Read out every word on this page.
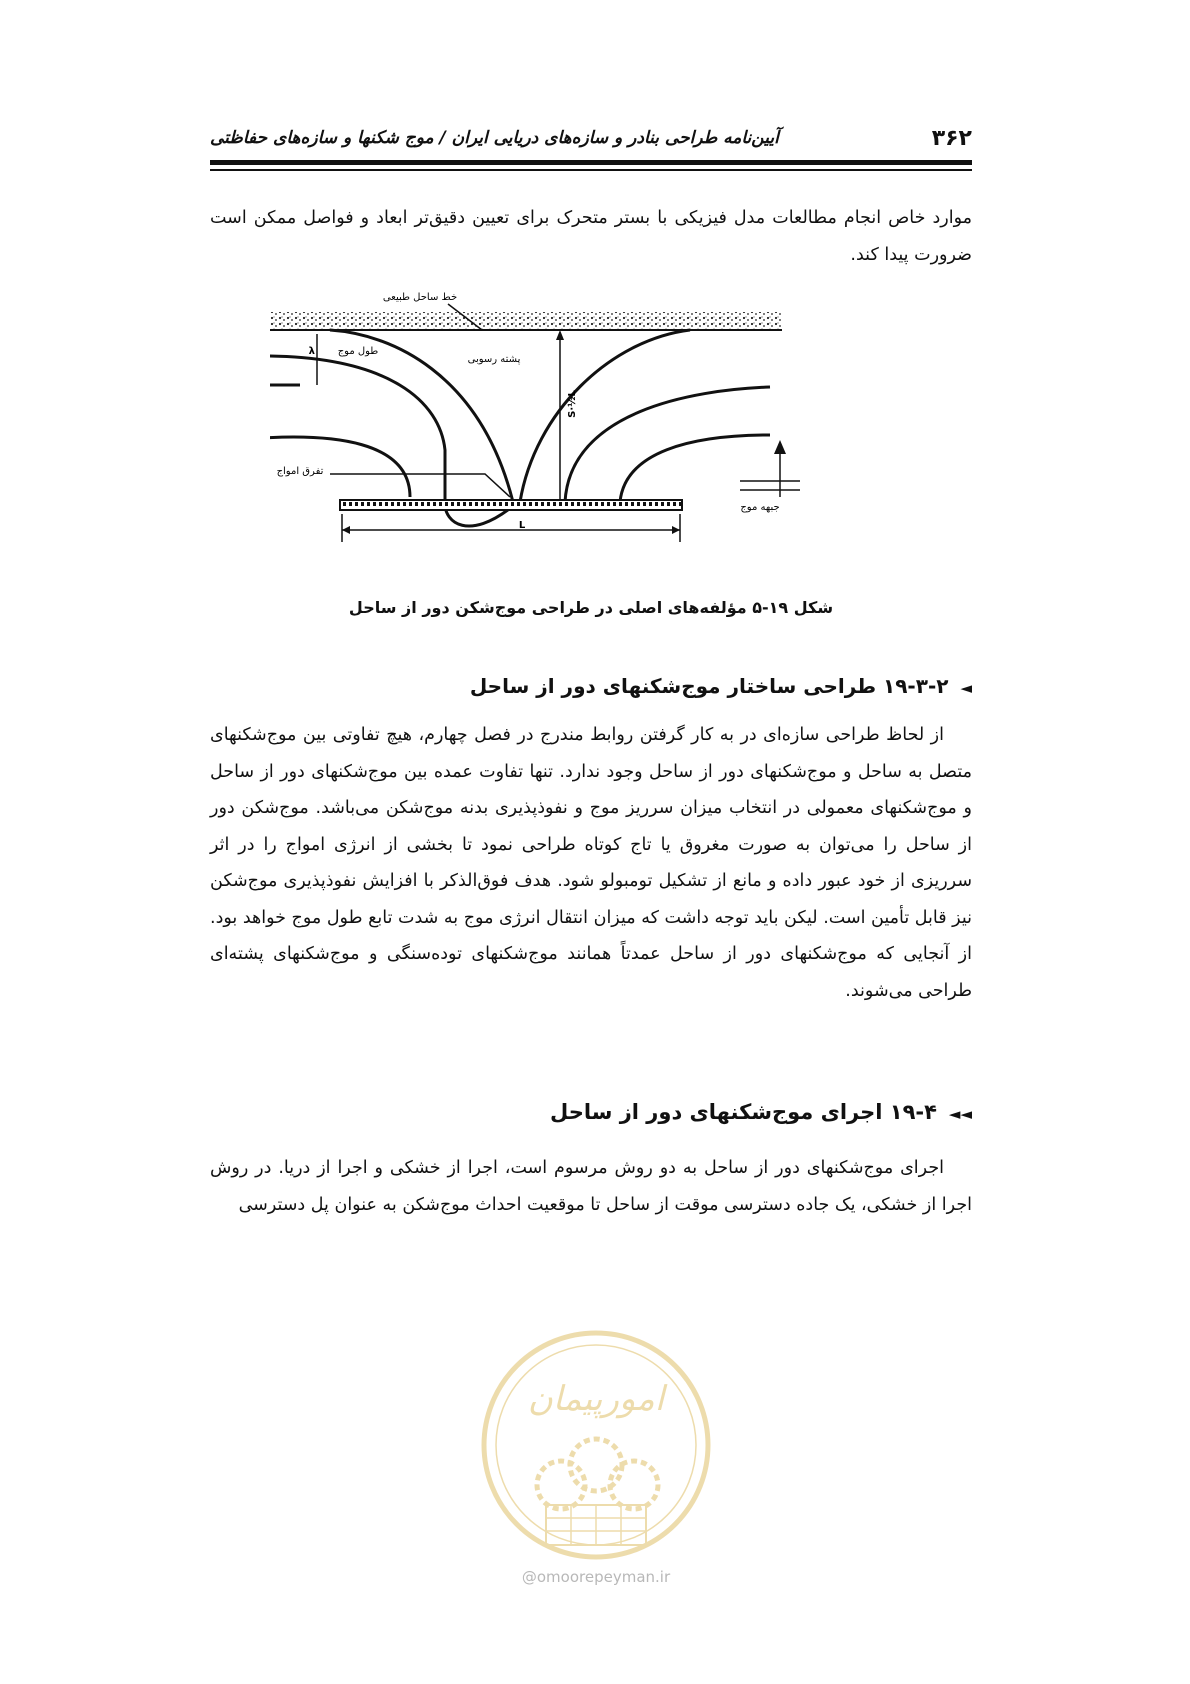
۳۶۲
آیین‌نامه طراحی بنادر و سازه‌های دریایی ایران / موج شکنها و سازه‌های حفاظتی

موارد خاص انجام مطالعات مدل فیزیکی با بستر متحرک برای تعیین دقیق‌تر ابعاد و فواصل ممکن است ضرورت پیدا کند.

خط ساحل طبیعی
λ طول موج
پشته رسوبی
S·½L
تفرق امواج
L
جبهه موج
شکل ۱۹-۵ مؤلفه‌های اصلی در طراحی موج‌شکن دور از ساحل
◄۱۹-۳-۲ طراحی ساختار موج‌شکنهای دور از ساحل

از لحاظ طراحی سازه‌ای در به کار گرفتن روابط مندرج در فصل چهارم، هیچ تفاوتی بین موج‌شکنهای متصل به ساحل و موج‌شکنهای دور از ساحل وجود ندارد. تنها تفاوت عمده بین موج‌شکنهای دور از ساحل و موج‌شکنهای معمولی در انتخاب میزان سرریز موج و نفوذپذیری بدنه موج‌شکن می‌باشد. موج‌شکن دور از ساحل را می‌توان به صورت مغروق یا تاج کوتاه طراحی نمود تا بخشی از انرژی امواج را در اثر سرریزی از خود عبور داده و مانع از تشکیل تومبولو شود. هدف فوق‌الذکر با افزایش نفوذپذیری موج‌شکن نیز قابل تأمین است. لیکن باید توجه داشت که میزان انتقال انرژی موج به شدت تابع طول موج خواهد بود. از آنجایی که موج‌شکنهای دور از ساحل عمدتاً همانند موج‌شکنهای توده‌سنگی و موج‌شکنهای پشته‌ای طراحی می‌شوند.

◄◄۱۹-۴ اجرای موج‌شکنهای دور از ساحل

اجرای موج‌شکنهای دور از ساحل به دو روش مرسوم است، اجرا از خشکی و اجرا از دریا. در روش اجرا از خشکی، یک جاده دسترسی موقت از ساحل تا موقعیت احداث موج‌شکن به عنوان پل دسترسی

امورپیمان
@omoorepeyman.ir
